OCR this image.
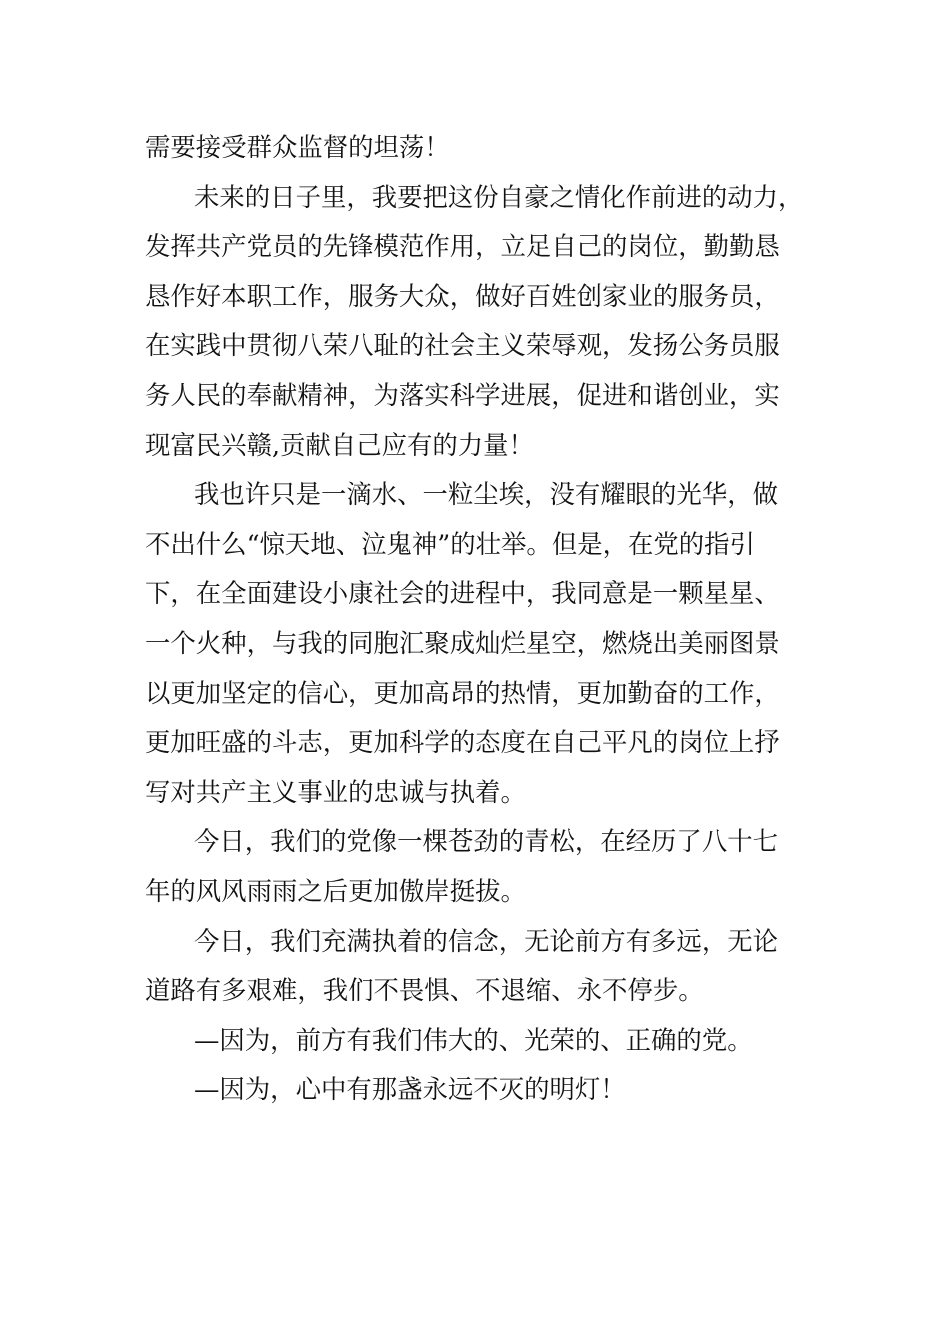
需要接受群众监督的坦荡！
未来的日子里，我要把这份自豪之情化作前进的动力，
发挥共产党员的先锋模范作用，立足自己的岗位，勤勤恳
恳作好本职工作，服务大众，做好百姓创家业的服务员，
在实践中贯彻八荣八耻的社会主义荣辱观，发扬公务员服
务人民的奉献精神，为落实科学进展，促进和谐创业，实
现富民兴赣,贡献自己应有的力量！
我也许只是一滴水、一粒尘埃，没有耀眼的光华，做
不出什么“惊天地、泣鬼神”的壮举。但是，在党的指引
下，在全面建设小康社会的进程中，我同意是一颗星星、
一个火种，与我的同胞汇聚成灿烂星空，燃烧出美丽图景
以更加坚定的信心，更加高昂的热情，更加勤奋的工作，
更加旺盛的斗志，更加科学的态度在自己平凡的岗位上抒
写对共产主义事业的忠诚与执着。
今日，我们的党像一棵苍劲的青松，在经历了八十七
年的风风雨雨之后更加傲岸挺拔。
今日，我们充满执着的信念，无论前方有多远，无论
道路有多艰难，我们不畏惧、不退缩、永不停步。
—因为，前方有我们伟大的、光荣的、正确的党。
—因为，心中有那盏永远不灭的明灯！
